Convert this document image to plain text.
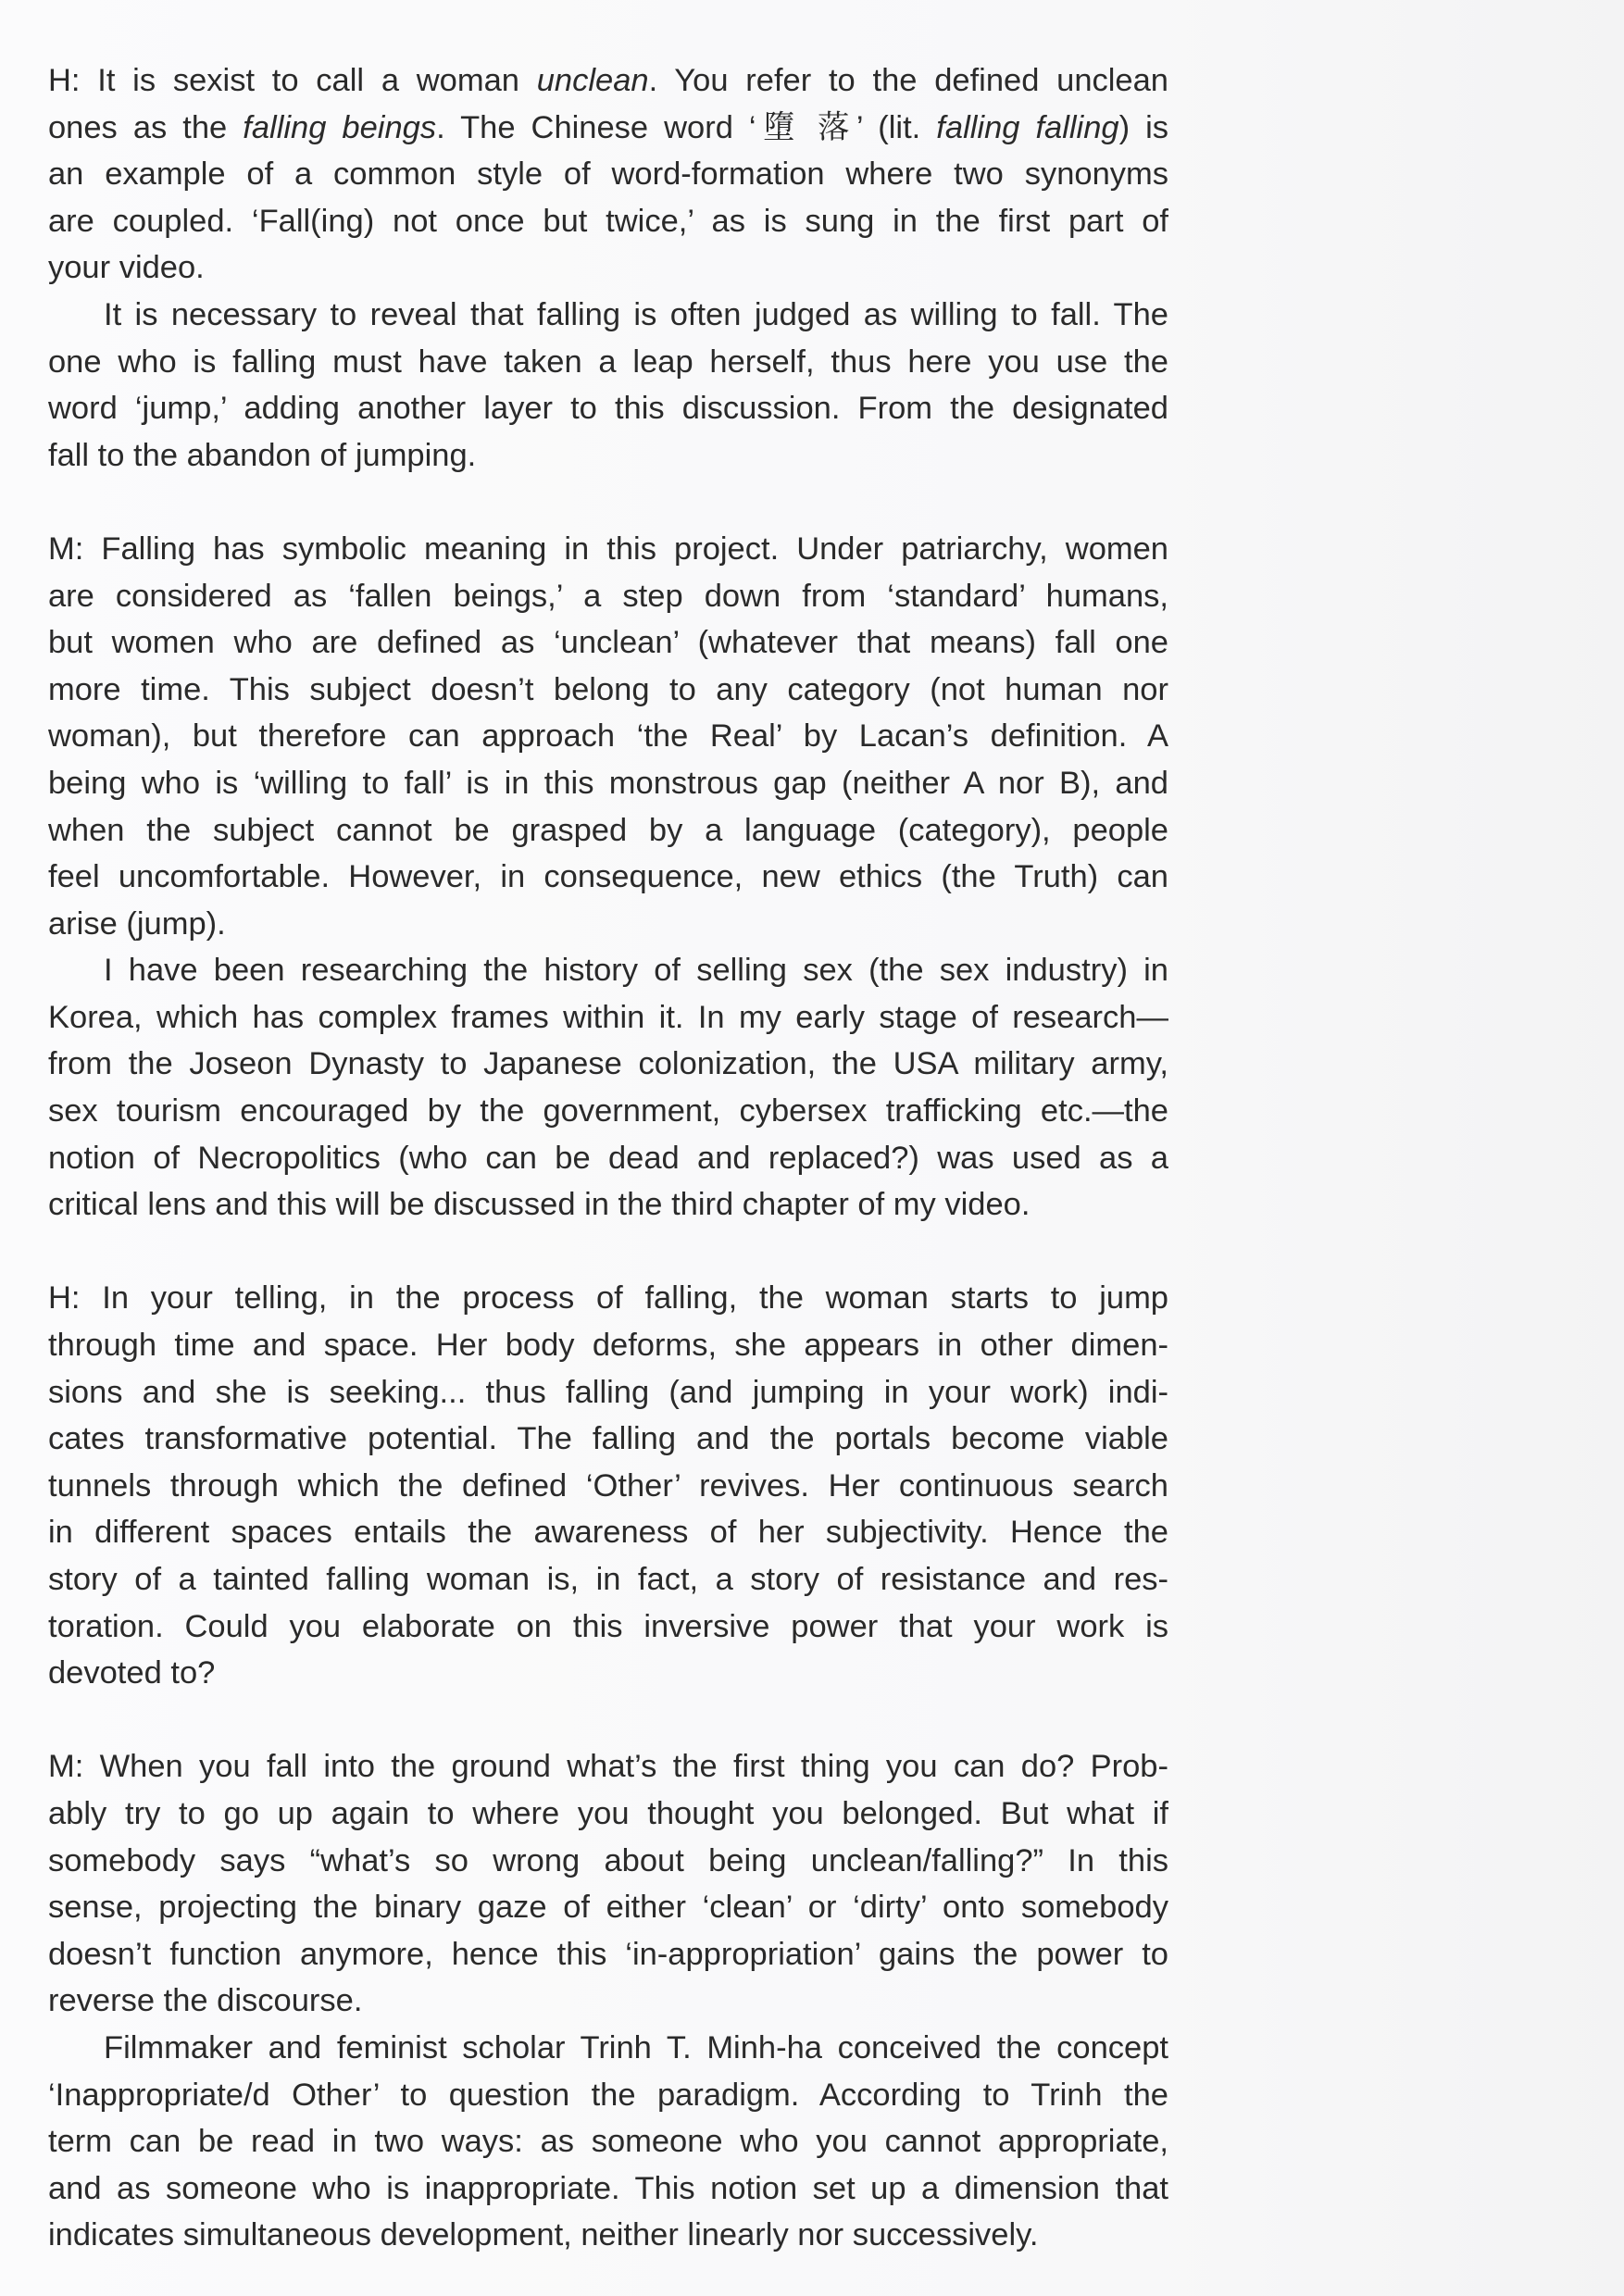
H: It is sexist to call a woman unclean. You refer to the defined unclean
ones as the falling beings. The Chinese word ‘墮 落’ (lit. falling falling) is
an example of a common style of word-formation where two synonyms
are coupled. ‘Fall(ing) not once but twice,’ as is sung in the first part of
your video.
It is necessary to reveal that falling is often judged as willing to fall. The
one who is falling must have taken a leap herself, thus here you use the
word ‘jump,’ adding another layer to this discussion. From the designated
fall to the abandon of jumping.
M: Falling has symbolic meaning in this project. Under patriarchy, women
are considered as ‘fallen beings,’ a step down from ‘standard’ humans,
but women who are defined as ‘unclean’ (whatever that means) fall one
more time. This subject doesn’t belong to any category (not human nor
woman), but therefore can approach ‘the Real’ by Lacan’s definition. A
being who is ‘willing to fall’ is in this monstrous gap (neither A nor B), and
when the subject cannot be grasped by a language (category), people
feel uncomfortable. However, in consequence, new ethics (the Truth) can
arise (jump).
I have been researching the history of selling sex (the sex industry) in
Korea, which has complex frames within it. In my early stage of research—
from the Joseon Dynasty to Japanese colonization, the USA military army,
sex tourism encouraged by the government, cybersex trafficking etc.—the
notion of Necropolitics (who can be dead and replaced?) was used as a
critical lens and this will be discussed in the third chapter of my video.
H: In your telling, in the process of falling, the woman starts to jump
through time and space. Her body deforms, she appears in other dimen-
sions and she is seeking... thus falling (and jumping in your work) indi-
cates transformative potential. The falling and the portals become viable
tunnels through which the defined ‘Other’ revives. Her continuous search
in different spaces entails the awareness of her subjectivity. Hence the
story of a tainted falling woman is, in fact, a story of resistance and res-
toration. Could you elaborate on this inversive power that your work is
devoted to?
M: When you fall into the ground what’s the first thing you can do? Prob-
ably try to go up again to where you thought you belonged. But what if
somebody says “what’s so wrong about being unclean/falling?” In this
sense, projecting the binary gaze of either ‘clean’ or ‘dirty’ onto somebody
doesn’t function anymore, hence this ‘in-appropriation’ gains the power to
reverse the discourse.
Filmmaker and feminist scholar Trinh T. Minh-ha conceived the concept
‘Inappropriate/d Other’ to question the paradigm. According to Trinh the
term can be read in two ways: as someone who you cannot appropriate,
and as someone who is inappropriate. This notion set up a dimension that
indicates simultaneous development, neither linearly nor successively.
